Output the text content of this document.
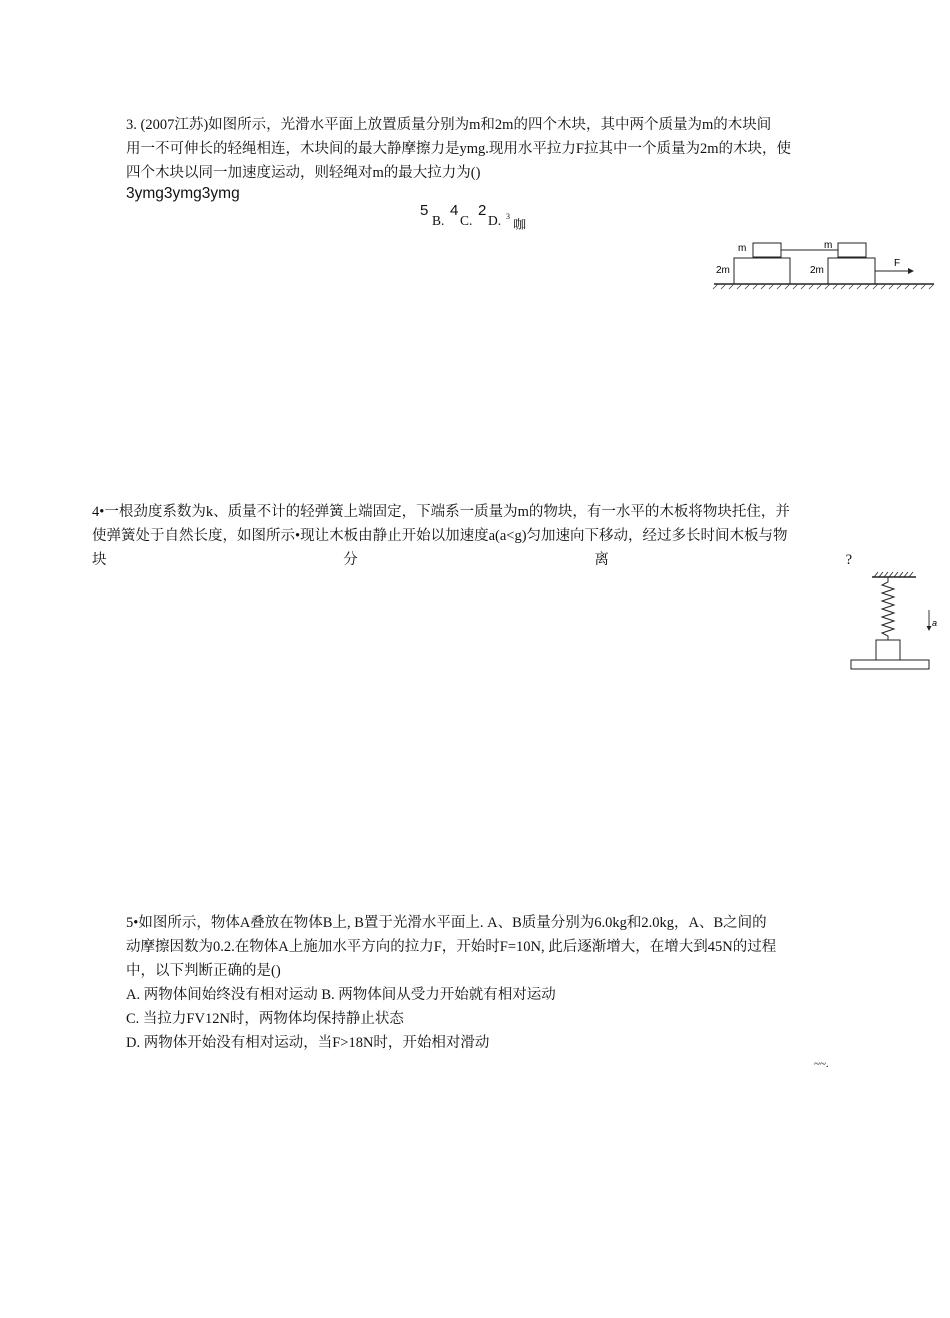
3. (2007江苏)如图所示，光滑水平面上放置质量分别为m和2m的四个木块，其中两个质量为m的木块间
用一不可伸长的轻绳相连，木块间的最大静摩擦力是ymg.现用水平拉力F拉其中一个质量为2m的木块，使
四个木块以同一加速度运动，则轻绳对m的最大拉力为()
3ymg3ymg3ymg
5
B.
4
C.
2
D. 3
咖
m	m
2m	2m
F
4•一根劲度系数为k、质量不计的轻弹簧上端固定，下端系一质量为m的物块，有一水平的木板将物块托住，并
使弹簧处于自然长度，如图所示•现让木板由静止开始以加速度a(a<g)匀加速向下移动，经过多长时间木板与物
块	分	离	?
a
5•如图所示，物体A叠放在物体B上, B置于光滑水平面上. A、B质量分别为6.0kg和2.0kg，A、B之间的
动摩擦因数为0.2.在物体A上施加水平方向的拉力F，开始时F=10N, 此后逐渐增大，在增大到45N的过程
中，以下判断正确的是()
A. 两物体间始终没有相对运动 B. 两物体间从受力开始就有相对运动
C. 当拉力FV12N时，两物体均保持静止状态
D. 两物体开始没有相对运动，当F>18N时，开始相对滑动
~~.
